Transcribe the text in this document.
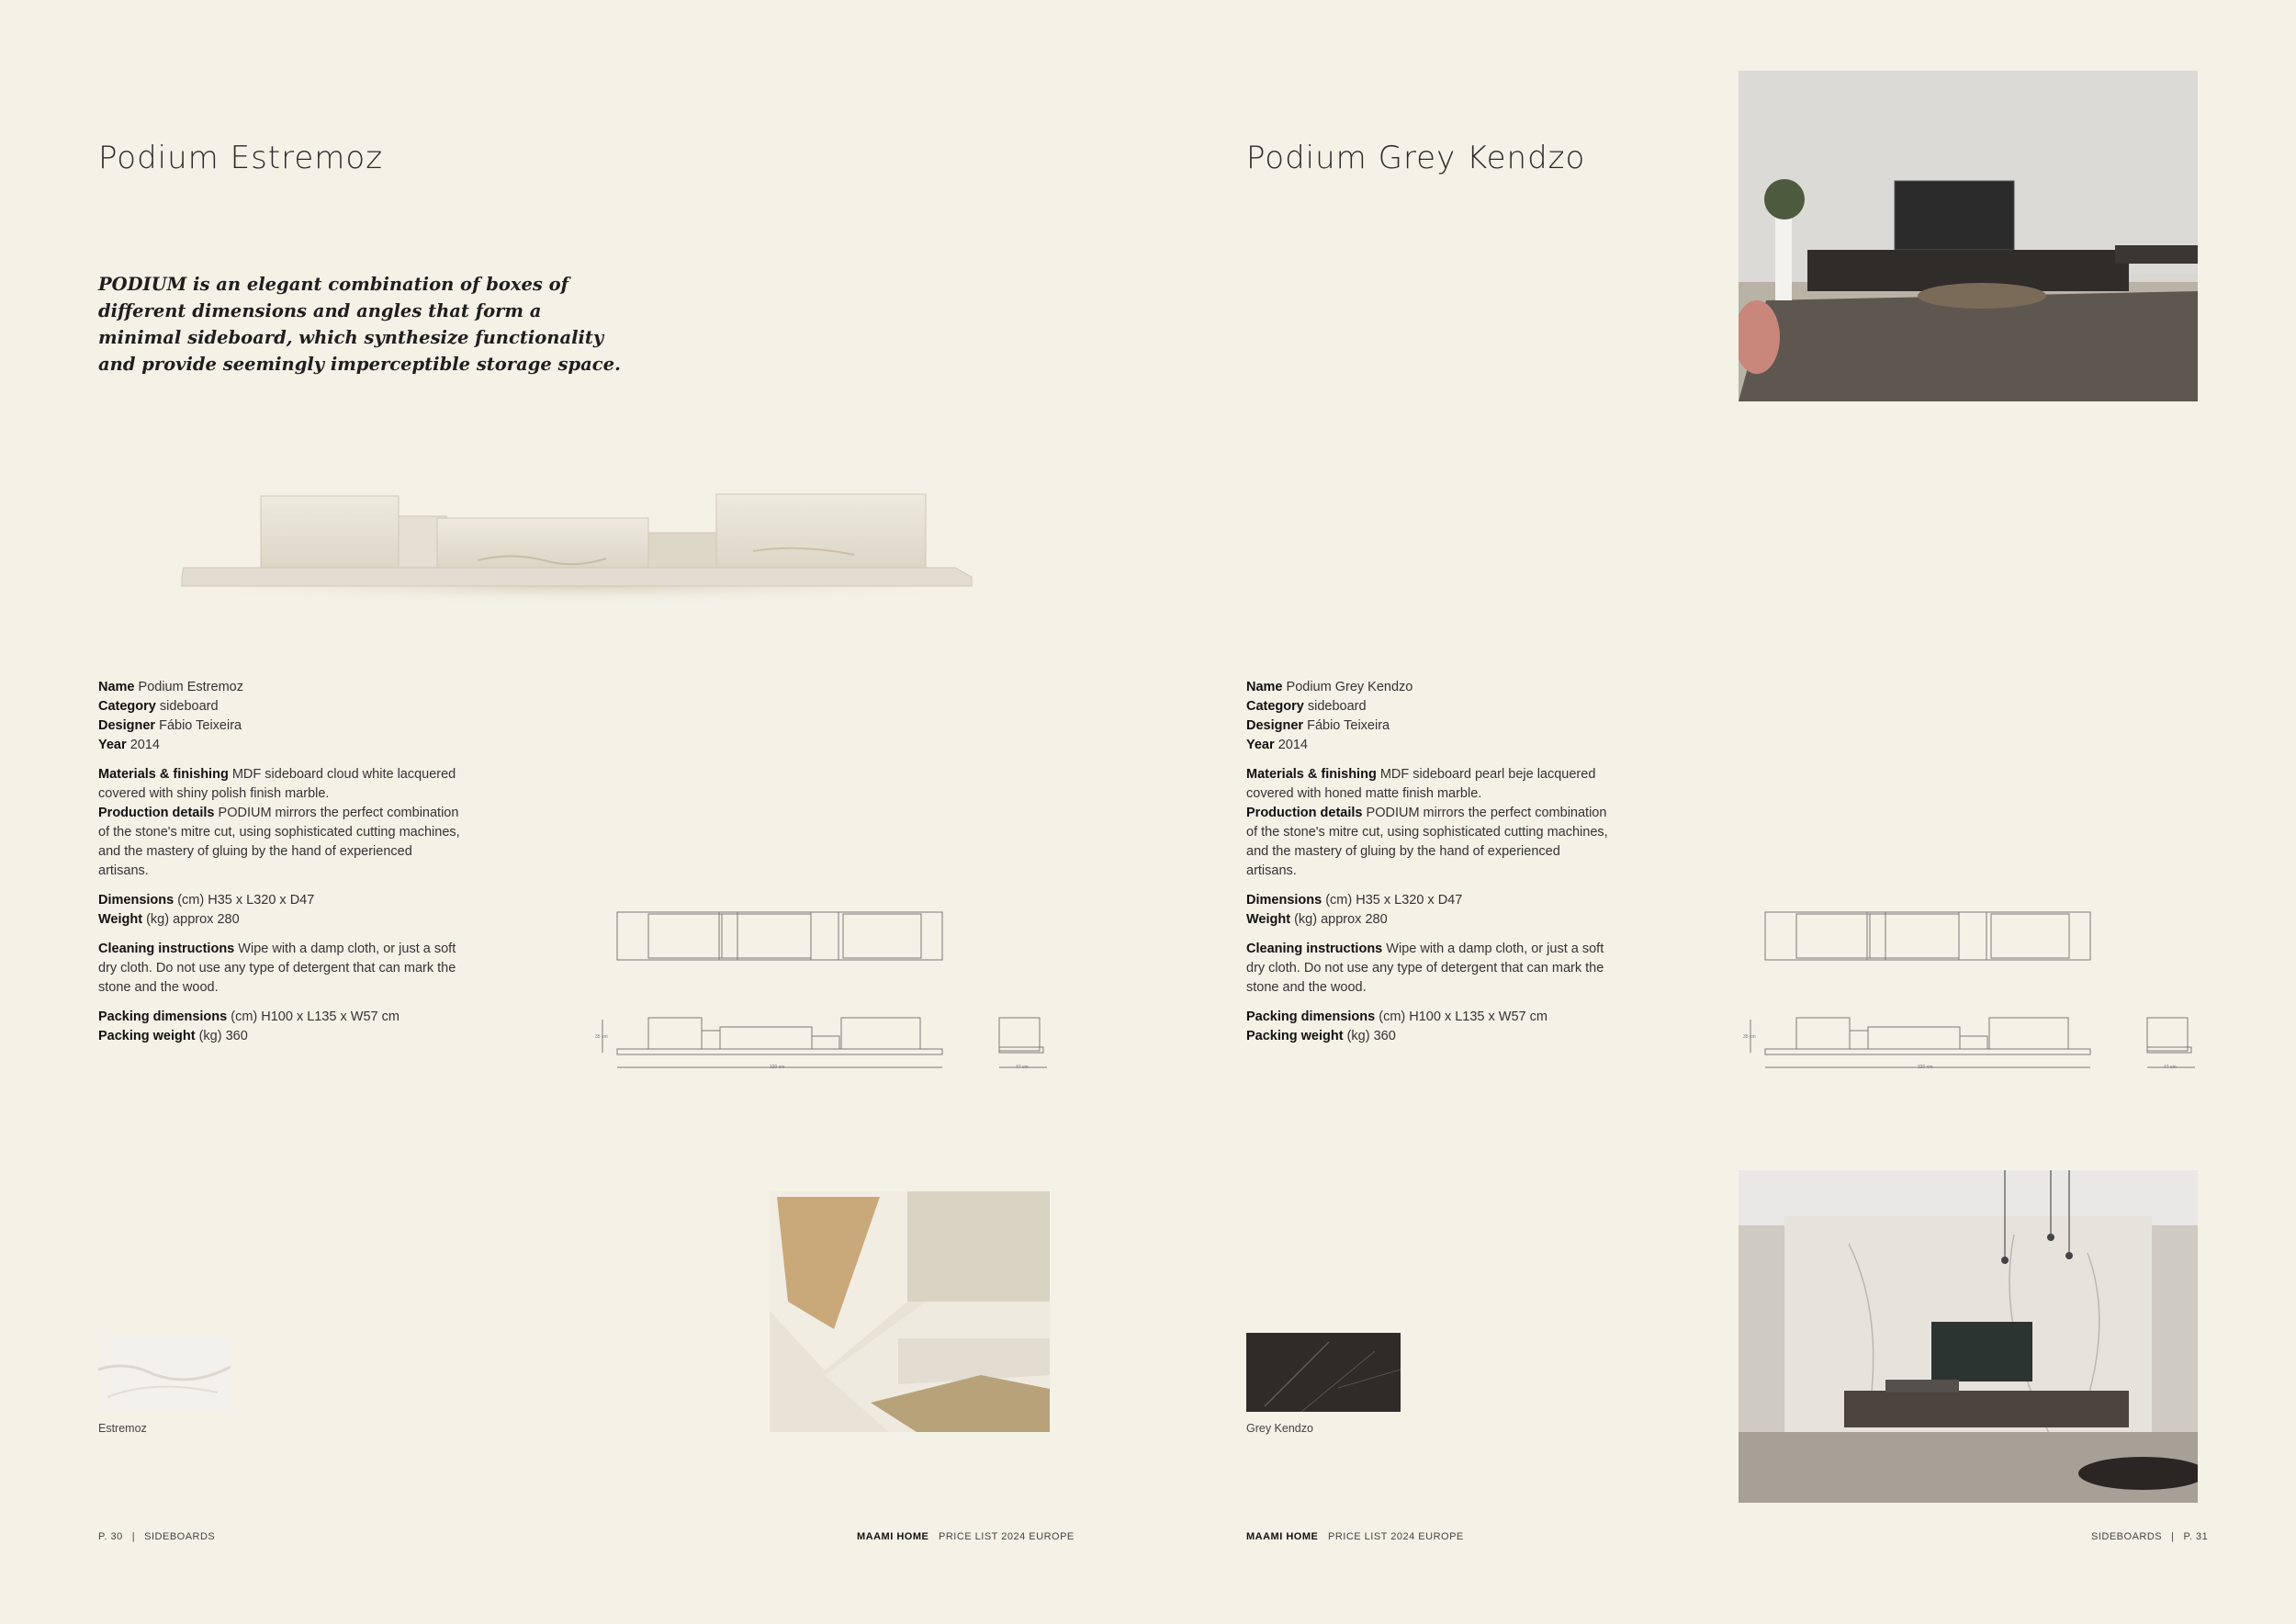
Podium Estremoz
PODIUM is an elegant combination of boxes of different dimensions and angles that form a minimal sideboard, which synthesize functionality and provide seemingly imperceptible storage space.

Name Podium Estremoz

Category sideboard

Designer Fábio Teixeira

Year 2014

Materials & finishing MDF sideboard cloud white lacquered covered with shiny polish finish marble.

Production details PODIUM mirrors the perfect combination of the stone's mitre cut, using sophisticated cutting machines, and the mastery of gluing by the hand of experienced artisans.

Dimensions (cm) H35 x L320 x D47

Weight (kg) approx 280

Cleaning instructions Wipe with a damp cloth, or just a soft dry cloth. Do not use any type of detergent that can mark the stone and the wood.

Packing dimensions (cm) H100 x L135 x W57 cm

Packing weight (kg) 360	35 cm
320 cm	47 cm
Estremoz
P. 30 | SIDEBOARDS	MAAMI HOME PRICE LIST 2024 EUROPE
Podium Grey Kendzo

Name Podium Grey Kendzo

Category sideboard

Designer Fábio Teixeira

Year 2014

Materials & finishing MDF sideboard pearl beje lacquered covered with honed matte finish marble.

Production details PODIUM mirrors the perfect combination of the stone's mitre cut, using sophisticated cutting machines, and the mastery of gluing by the hand of experienced artisans.

Dimensions (cm) H35 x L320 x D47

Weight (kg) approx 280

Cleaning instructions Wipe with a damp cloth, or just a soft dry cloth. Do not use any type of detergent that can mark the stone and the wood.

Packing dimensions (cm) H100 x L135 x W57 cm

Packing weight (kg) 360	35 cm
320 cm	47 cm
Grey Kendzo
MAAMI HOME PRICE LIST 2024 EUROPE	SIDEBOARDS | P. 31
